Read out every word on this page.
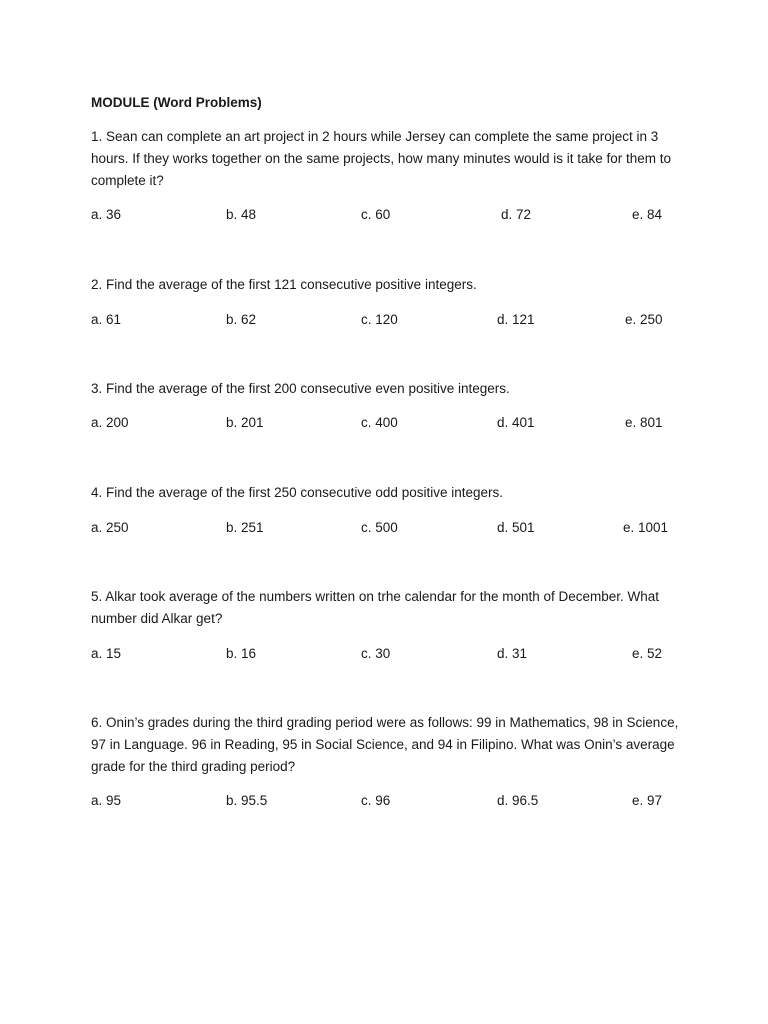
MODULE (Word Problems)
1. Sean can complete an art project in 2 hours while Jersey can complete the same project in 3 hours. If they works together on the same projects, how many minutes would is it take for them to complete it?
a. 36	b. 48	c. 60	d. 72	e. 84
2. Find the average of the first 121 consecutive positive integers.
a. 61	b. 62	c. 120	d. 121	e. 250
3. Find the average of the first 200 consecutive even positive integers.
a. 200	b. 201	c. 400	d. 401	e. 801
4. Find the average of the first 250 consecutive odd positive integers.
a. 250	b. 251	c. 500	d. 501	e. 1001
5. Alkar took average of the numbers written on trhe calendar for the month of December. What number did Alkar get?
a. 15	b. 16	c. 30	d. 31	e. 52
6. Onin’s grades during the third grading period were as follows: 99 in Mathematics, 98 in Science, 97 in Language. 96 in Reading, 95 in Social Science, and 94 in Filipino. What was Onin’s average grade for the third grading period?
a. 95	b. 95.5	c. 96	d. 96.5	e. 97
